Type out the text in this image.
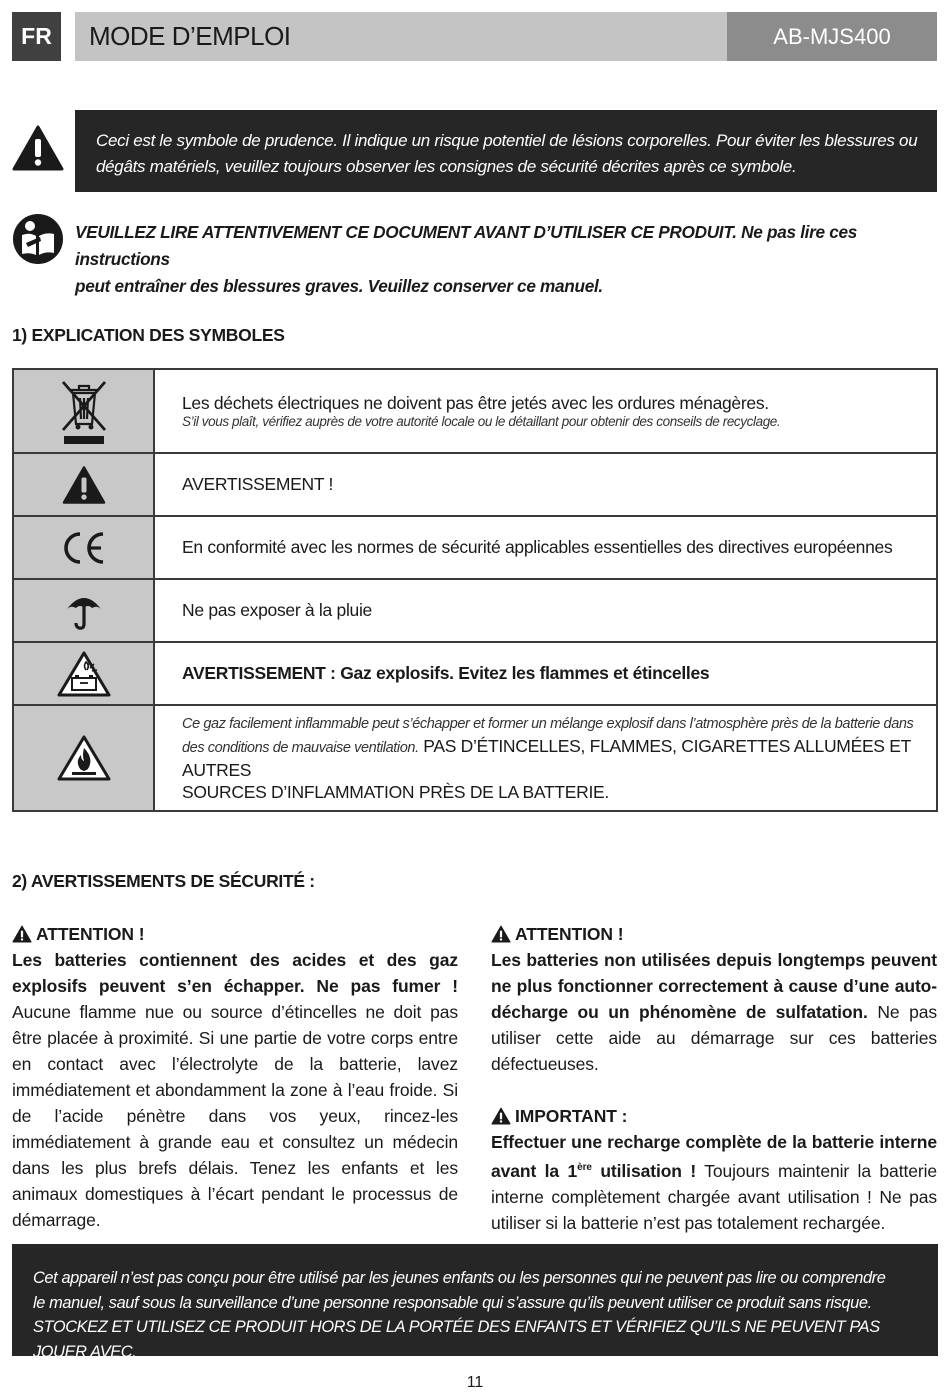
FR	MODE D’EMPLOI	AB-MJS400
Ceci est le symbole de prudence. Il indique un risque potentiel de lésions corporelles. Pour éviter les blessures ou
dégâts matériels, veuillez toujours observer les consignes de sécurité décrites après ce symbole.
VEUILLEZ LIRE ATTENTIVEMENT CE DOCUMENT AVANT D’UTILISER CE PRODUIT. Ne pas lire ces instructions
peut entraîner des blessures graves. Veuillez conserver ce manuel.
1) EXPLICATION DES SYMBOLES
Les déchets électriques ne doivent pas être jetés avec les ordures ménagères.
S’il vous plaît, vérifiez auprès de votre autorité locale ou le détaillant pour obtenir des conseils de recyclage.
AVERTISSEMENT !
En conformité avec les normes de sécurité applicables essentielles des directives européennes
Ne pas exposer à la pluie
AVERTISSEMENT : Gaz explosifs. Evitez les flammes et étincelles
Ce gaz facilement inflammable peut s’échapper et former un mélange explosif dans l’atmosphère près de la batterie dans
des conditions de mauvaise ventilation. PAS D’ÉTINCELLES, FLAMMES, CIGARETTES ALLUMÉES ET AUTRES
SOURCES D’INFLAMMATION PRÈS DE LA BATTERIE.
2) AVERTISSEMENTS DE SÉCURITÉ :
ATTENTION !
Les batteries contiennent des acides et des gaz explosifs peuvent s’en échapper. Ne pas fumer ! Aucune flamme nue ou source d’étincelles ne doit pas être placée à proximité. Si une partie de votre corps entre en contact avec l’électrolyte de la batterie, lavez immédiatement et abondamment la zone à l’eau froide. Si de l’acide pénètre dans vos yeux, rincez-les immédiatement à grande eau et consultez un médecin dans les plus brefs délais. Tenez les enfants et les animaux domestiques à l’écart pendant le processus de démarrage.
ATTENTION !
Les batteries non utilisées depuis longtemps peuvent ne plus fonctionner correctement à cause d’une auto-décharge ou un phénomène de sulfatation. Ne pas utiliser cette aide au démarrage sur ces batteries défectueuses.
IMPORTANT :
Effectuer une recharge complète de la batterie interne avant la 1ère utilisation ! Toujours maintenir la batterie interne complètement chargée avant utilisation ! Ne pas utiliser si la batterie n’est pas totalement rechargée.
Cet appareil n’est pas conçu pour être utilisé par les jeunes enfants ou les personnes qui ne peuvent pas lire ou comprendre
le manuel, sauf sous la surveillance d’une personne responsable qui s’assure qu’ils peuvent utiliser ce produit sans risque.
STOCKEZ ET UTILISEZ CE PRODUIT HORS DE LA PORTÉE DES ENFANTS ET VÉRIFIEZ QU’ILS NE PEUVENT PAS JOUER AVEC.
11
